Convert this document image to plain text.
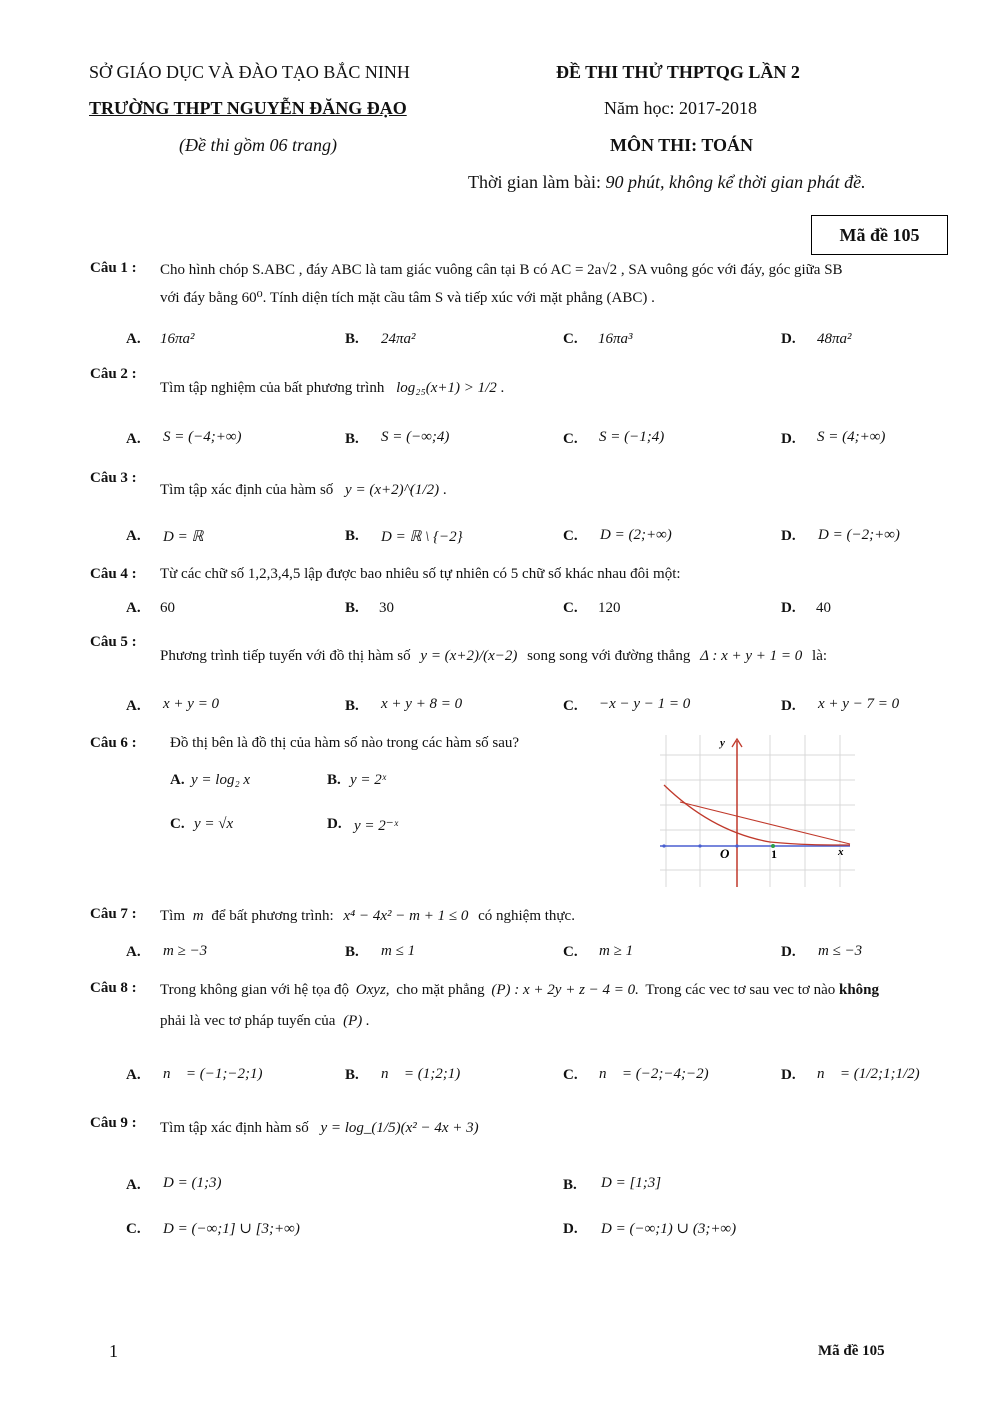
SỞ GIÁO DỤC VÀ ĐÀO TẠO BẮC NINH
TRƯỜNG THPT NGUYỄN ĐĂNG ĐẠO
(Đề thi gồm 06 trang)
ĐỀ THI THỬ THPTQG LẦN 2
Năm học: 2017-2018
MÔN THI: TOÁN
Thời gian làm bài: 90 phút, không kể thời gian phát đề.
Mã đề 105
Câu 1 : Cho hình chóp S.ABC , đáy ABC là tam giác vuông cân tại B có AC = 2a√2 , SA vuông góc với đáy, góc giữa SB
với đáy bằng 60⁰. Tính diện tích mặt cầu tâm S và tiếp xúc với mặt phẳng (ABC) .
A. 16πa²	B. 24πa²	C. 16πa³	D. 48πa²
Câu 2 :
Tìm tập nghiệm của bất phương trình log₂₅(x+1) > 1/2 .
A. S = (−4;+∞)	B. S = (−∞;4)	C. S = (−1;4)	D. S = (4;+∞)
Câu 3 :
Tìm tập xác định của hàm số y = (x+2)^(1/2) .
A. D = ℝ	B. D = ℝ \ {−2}	C. D = (2;+∞)	D. D = (−2;+∞)
Câu 4 : Từ các chữ số 1,2,3,4,5 lập được bao nhiêu số tự nhiên có 5 chữ số khác nhau đôi một:
A. 60	B. 30	C. 120	D. 40
Câu 5 :
Phương trình tiếp tuyến với đồ thị hàm số y = (x+2)/(x−2) song song với đường thẳng Δ : x + y + 1 = 0 là:
A. x + y = 0	B. x + y + 8 = 0	C. −x − y − 1 = 0	D. x + y − 7 = 0
Câu 6 : Đồ thị bên là đồ thị của hàm số nào trong các hàm số sau?
A. y = log₂ x	B. y = 2ˣ
C. y = √x	D. y = 2⁻ˣ
y
x
O	1
Câu 7 : Tìm m để bất phương trình: x⁴ − 4x² − m + 1 ≤ 0 có nghiệm thực.
A. m ≥ −3	B. m ≤ 1	C. m ≥ 1	D. m ≤ −3
Câu 8 : Trong không gian với hệ tọa độ Oxyz, cho mặt phẳng (P) : x + 2y + z − 4 = 0. Trong các vec tơ sau vec tơ nào không
phải là vec tơ pháp tuyến của (P) .
A. n⃗ = (−1;−2;1)	B. n⃗ = (1;2;1)	C. n⃗ = (−2;−4;−2)	D. n⃗ = (1/2;1;1/2)
Câu 9 : Tìm tập xác định hàm số y = log_(1/5)(x² − 4x + 3)
A. D = (1;3)	B. D = [1;3]
C. D = (−∞;1] ∪ [3;+∞)	D. D = (−∞;1) ∪ (3;+∞)
1	Mã đề 105
